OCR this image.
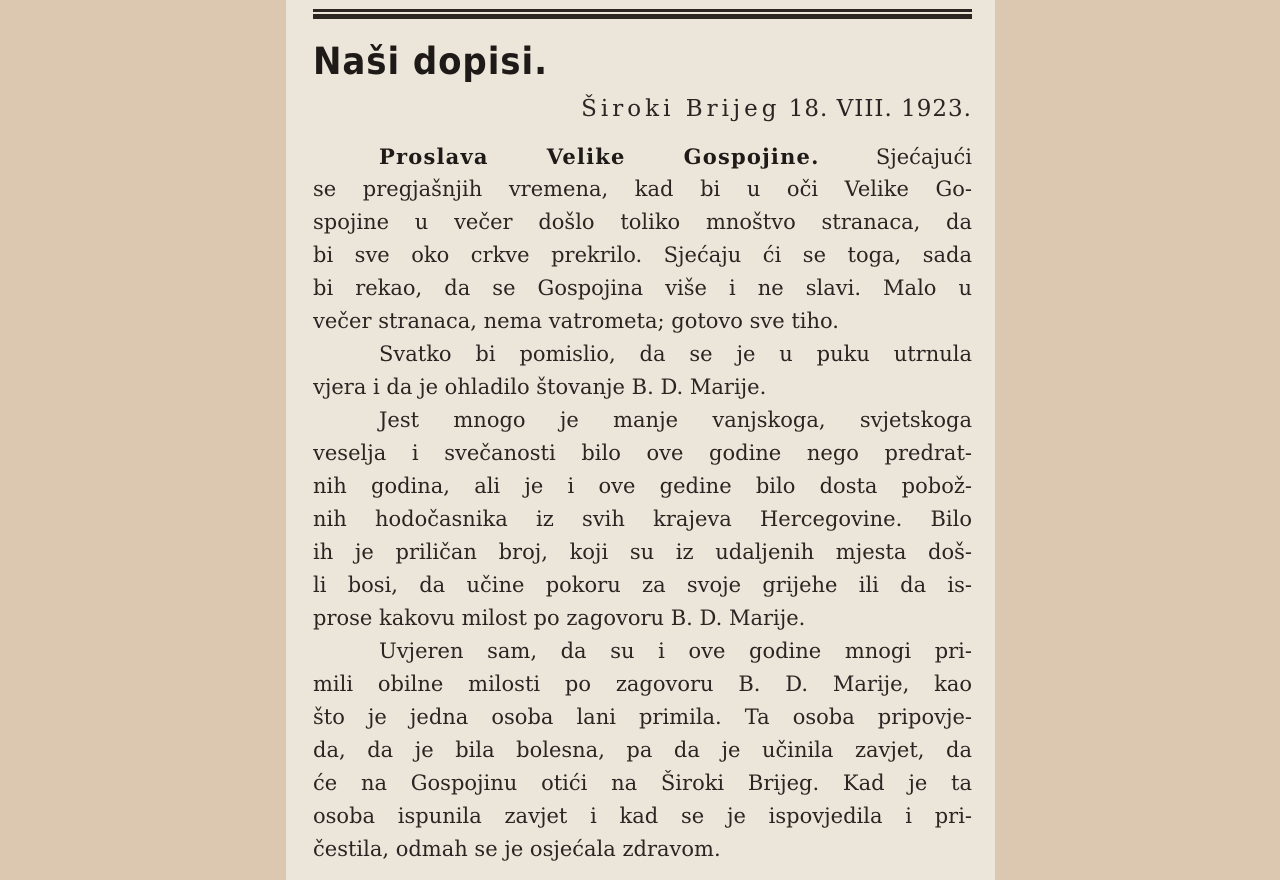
Naši dopisi.
Široki Brijeg 18. VIII. 1923.
Proslava Velike Gospojine.	Sjećajući
se pregjašnjih vremena, kad bi u oči Velike Go-
spojine u večer došlo toliko mnoštvo stranaca, da
bi sve oko crkve prekrilo. Sjećaju ći se toga, sada
bi rekao, da se Gospojina više i ne slavi. Malo u
večer stranaca, nema vatrometa; gotovo sve tiho.
Svatko bi pomislio, da se je u puku utrnula
vjera i da je ohladilo štovanje B. D. Marije.
Jest mnogo je manje vanjskoga, svjetskoga
veselja i svečanosti bilo ove godine nego predrat-
nih godina, ali je i ove gedine bilo dosta pobož-
nih hodočasnika iz svih krajeva Hercegovine. Bilo
ih je priličan broj, koji su iz udaljenih mjesta doš-
li bosi, da učine pokoru za svoje grijehe ili da is-
prose kakovu milost po zagovoru B. D. Marije.
Uvjeren sam, da su i ove godine mnogi pri-
mili obilne milosti po zagovoru B. D. Marije, kao
što je jedna osoba lani primila. Ta osoba pripovje-
da, da je bila bolesna, pa da je učinila zavjet, da
će na Gospojinu otići na Široki Brijeg. Kad je ta
osoba ispunila zavjet i kad se je ispovjedila i pri-
čestila, odmah se je osjećala zdravom.
